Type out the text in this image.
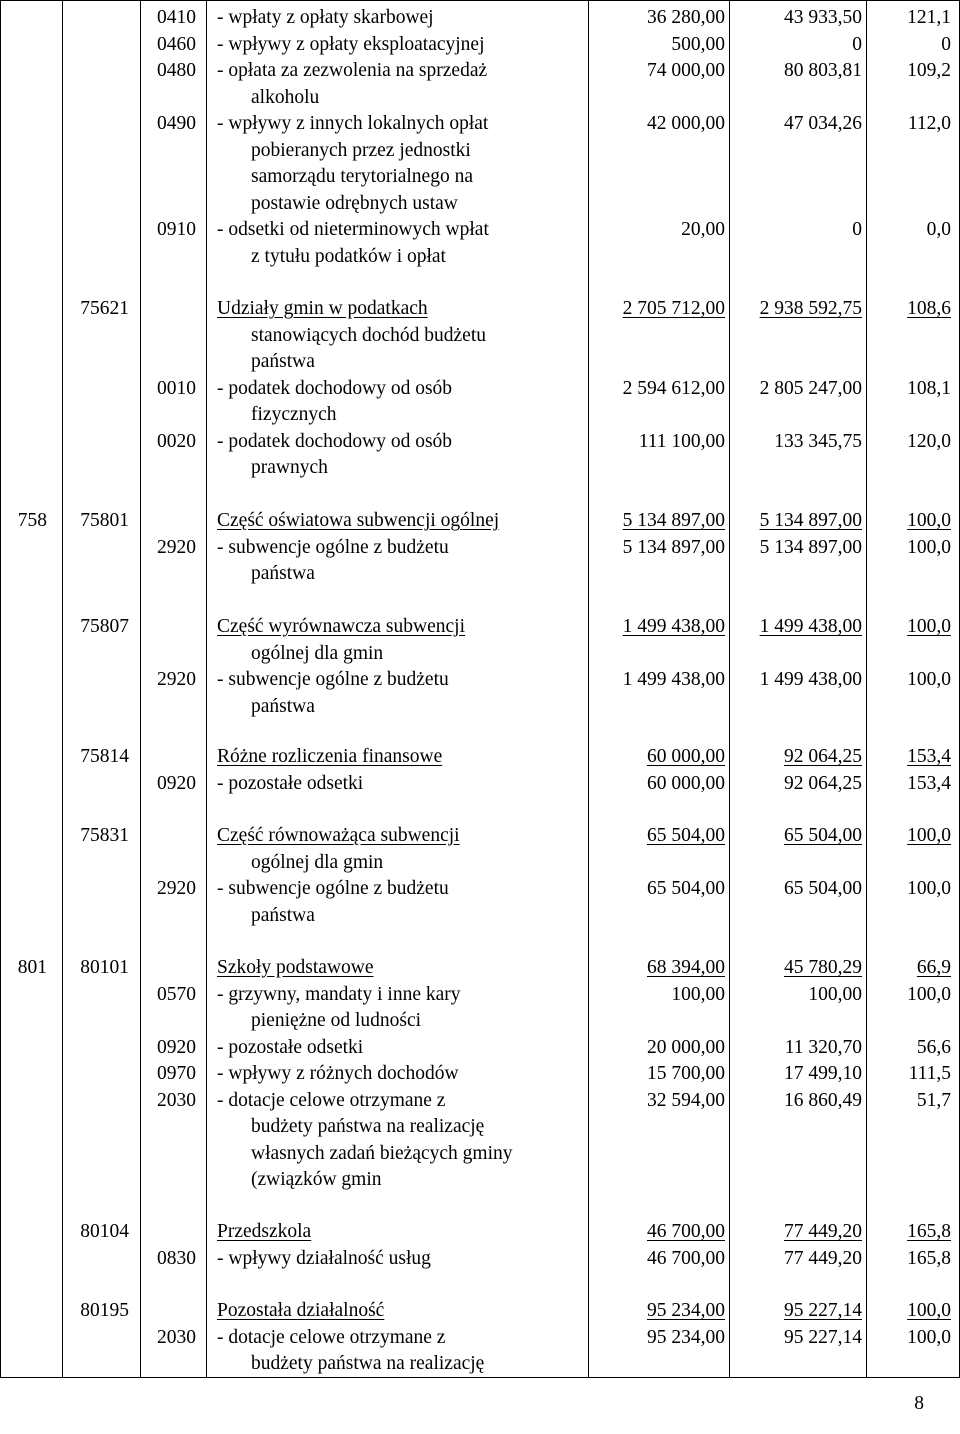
0410
0460
0480
0490
0910
- wpłaty z opłaty skarbowej
- wpływy z opłaty eksploatacyjnej
- opłata za zezwolenia na sprzedaż
alkoholu
- wpływy z innych lokalnych opłat
pobieranych przez jednostki
samorządu terytorialnego na
postawie odrębnych ustaw
- odsetki od nieterminowych wpłat
z tytułu podatków i opłat
36 280,00
500,00
74 000,00
42 000,00
20,00
43 933,50
0
80 803,81
47 034,26
0
121,1
0
109,2
112,0
0,0
75621
0010
0020
Udziały gmin w podatkach
stanowiących dochód budżetu
państwa
- podatek dochodowy od osób
fizycznych
- podatek dochodowy od osób
prawnych
2 705 712,00
2 594 612,00
111 100,00
2 938 592,75
2 805 247,00
133 345,75
108,6
108,1
120,0
758 75801
2920
Część oświatowa subwencji ogólnej
- subwencje ogólne z budżetu
państwa
5 134 897,00
5 134 897,00
5 134 897,00
5 134 897,00
100,0
100,0
75807
2920
Część wyrównawcza subwencji
ogólnej dla gmin
- subwencje ogólne z budżetu
państwa
1 499 438,00
1 499 438,00
1 499 438,00
1 499 438,00
100,0
100,0
75814
0920
Różne rozliczenia finansowe
- pozostałe odsetki
60 000,00
60 000,00
92 064,25
92 064,25
153,4
153,4
75831
2920
Część równoważąca subwencji
ogólnej dla gmin
- subwencje ogólne z budżetu
państwa
65 504,00
65 504,00
65 504,00
65 504,00
100,0
100,0
801 80101
0570
0920
0970
2030
Szkoły podstawowe
- grzywny, mandaty i inne kary
pieniężne od ludności
- pozostałe odsetki
- wpływy z różnych dochodów
- dotacje celowe otrzymane z
budżety państwa na realizację
własnych zadań bieżących gminy
(związków gmin
68 394,00
100,00
20 000,00
15 700,00
32 594,00
45 780,29
100,00
11 320,70
17 499,10
16 860,49
66,9
100,0
56,6
111,5
51,7
80104
0830
Przedszkola
- wpływy działalność usług
46 700,00
46 700,00
77 449,20
77 449,20
165,8
165,8
80195
2030
Pozostała działalność
- dotacje celowe otrzymane z
budżety państwa na realizację
95 234,00
95 234,00
95 227,14
95 227,14
100,0
100,0
8
